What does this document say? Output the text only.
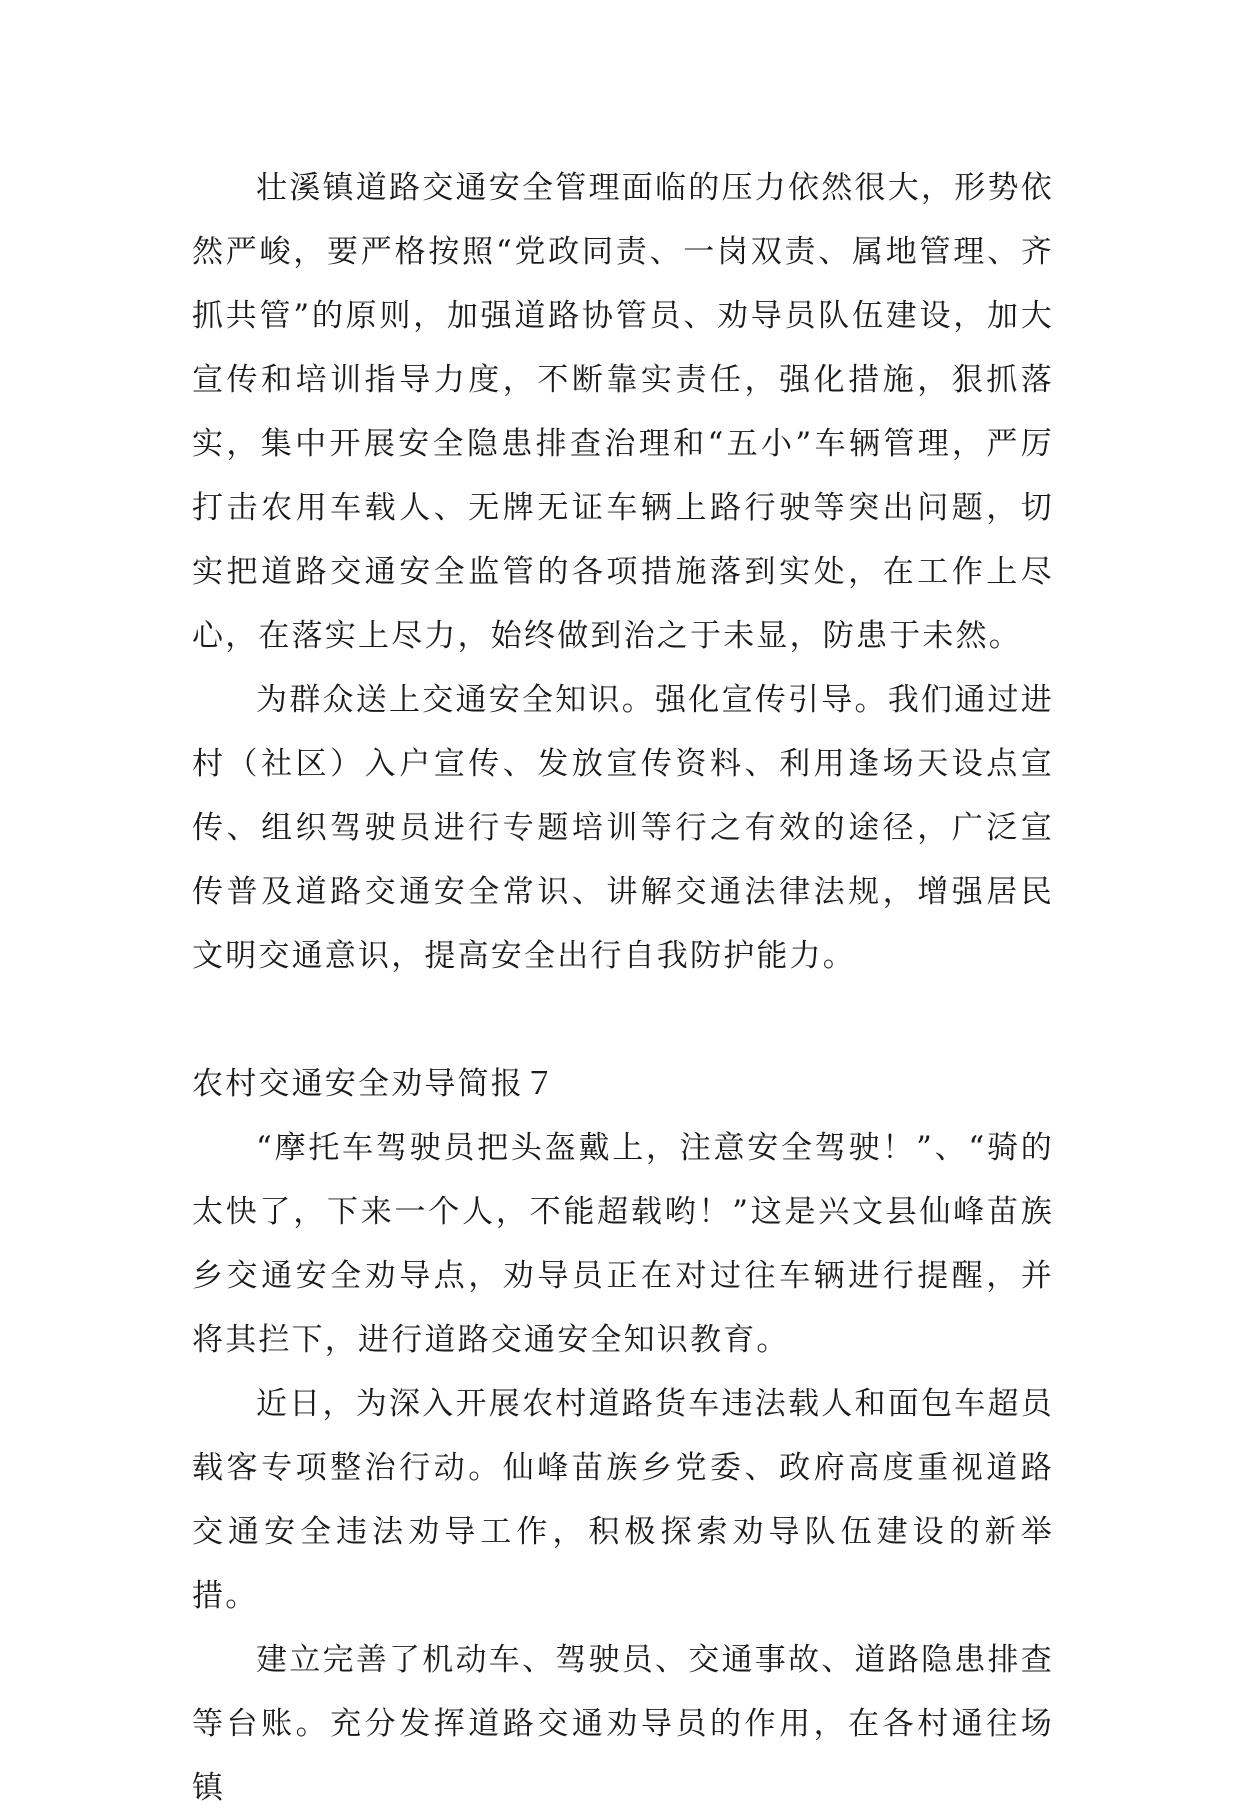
壮溪镇道路交通安全管理面临的压力依然很大，形势依然严峻，要严格按照“党政同责、一岗双责、属地管理、齐抓共管”的原则，加强道路协管员、劝导员队伍建设，加大宣传和培训指导力度，不断靠实责任，强化措施，狠抓落实，集中开展安全隐患排查治理和“五小”车辆管理，严厉打击农用车载人、无牌无证车辆上路行驶等突出问题，切实把道路交通安全监管的各项措施落到实处，在工作上尽心，在落实上尽力，始终做到治之于未显，防患于未然。

为群众送上交通安全知识。强化宣传引导。我们通过进村（社区）入户宣传、发放宣传资料、利用逢场天设点宣传、组织驾驶员进行专题培训等行之有效的途径，广泛宣传普及道路交通安全常识、讲解交通法律法规，增强居民文明交通意识，提高安全出行自我防护能力。

农村交通安全劝导简报７

“摩托车驾驶员把头盔戴上，注意安全驾驶！”、“骑的太快了，下来一个人，不能超载哟！”这是兴文县仙峰苗族乡交通安全劝导点，劝导员正在对过往车辆进行提醒，并将其拦下，进行道路交通安全知识教育。

近日，为深入开展农村道路货车违法载人和面包车超员载客专项整治行动。仙峰苗族乡党委、政府高度重视道路交通安全违法劝导工作，积极探索劝导队伍建设的新举措。

建立完善了机动车、驾驶员、交通事故、道路隐患排查等台账。充分发挥道路交通劝导员的作用，在各村通往场镇
